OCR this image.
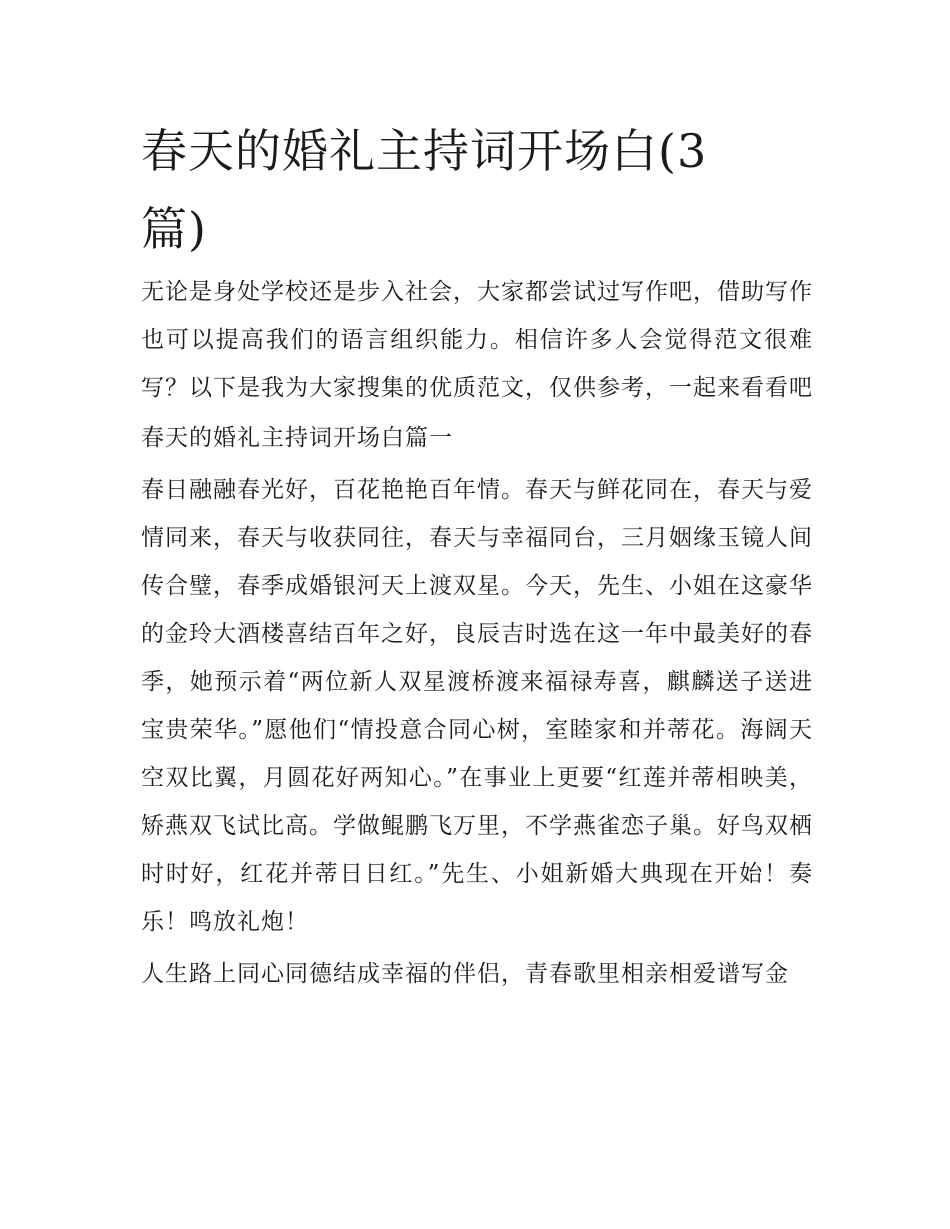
春天的婚礼主持词开场白(3篇)

无论是身处学校还是步入社会，大家都尝试过写作吧，借助写作也可以提高我们的语言组织能力。相信许多人会觉得范文很难写？以下是我为大家搜集的优质范文，仅供参考，一起来看看吧

春天的婚礼主持词开场白篇一

春日融融春光好，百花艳艳百年情。春天与鲜花同在，春天与爱情同来，春天与收获同往，春天与幸福同台，三月姻缘玉镜人间传合璧，春季成婚银河天上渡双星。今天，先生、小姐在这豪华的金玲大酒楼喜结百年之好，良辰吉时选在这一年中最美好的春季，她预示着“两位新人双星渡桥渡来福禄寿喜，麒麟送子送进宝贵荣华。”愿他们“情投意合同心树，室睦家和并蒂花。海阔天空双比翼，月圆花好两知心。”在事业上更要“红莲并蒂相映美，矫燕双飞试比高。学做鲲鹏飞万里，不学燕雀恋子巢。好鸟双栖时时好，红花并蒂日日红。”先生、小姐新婚大典现在开始！奏乐！鸣放礼炮！

人生路上同心同德结成幸福的伴侣，青春歌里相亲相爱谱写金
